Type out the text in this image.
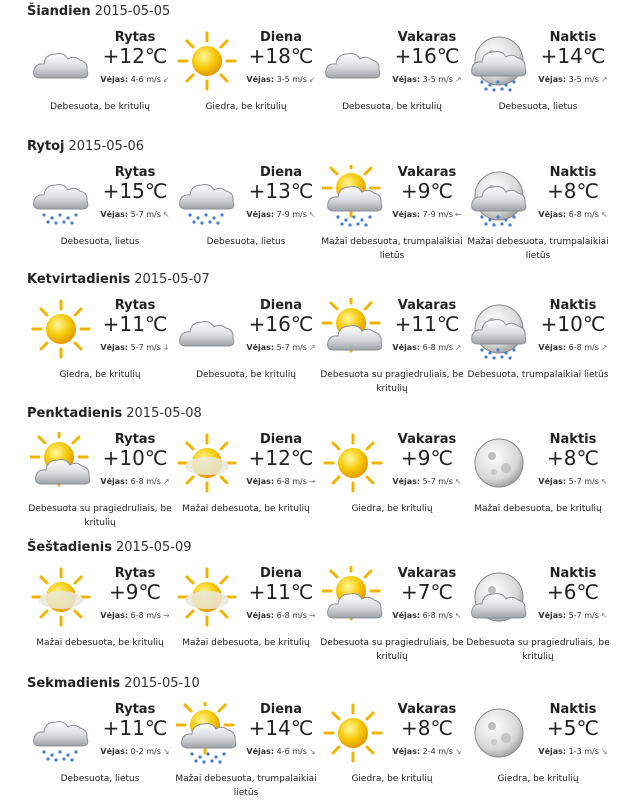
Šiandien 2015-05-05
Rytas
+12℃
Vėjas: 4-6 m/s ↙
Debesuota, be kritulių
Diena
+18℃
Vėjas: 3-5 m/s ↙
Giedra, be kritulių
Vakaras
+16℃
Vėjas: 3-5 m/s ↗
Debesuota, be kritulių
Naktis
+14℃
Vėjas: 3-5 m/s ↗
Debesuota, lietus
Rytoj 2015-05-06
Rytas
+15℃
Vėjas: 5-7 m/s ↖
Debesuota, lietus
Diena
+13℃
Vėjas: 7-9 m/s ↖
Debesuota, lietus
Vakaras
+9℃
Vėjas: 7-9 m/s ←
Mažai debesuota, trumpalaikiai lietūs
Naktis
+8℃
Vėjas: 6-8 m/s ↖
Mažai debesuota, trumpalaikiai lietūs
Ketvirtadienis 2015-05-07
Rytas
+11℃
Vėjas: 5-7 m/s ↓
Giedra, be kritulių
Diena
+16℃
Vėjas: 5-7 m/s ↗
Debesuota, be kritulių
Vakaras
+11℃
Vėjas: 6-8 m/s ↗
Debesuota su pragiedruliais, be kritulių
Naktis
+10℃
Vėjas: 6-8 m/s ↗
Debesuota, trumpalaikiai lietūs
Penktadienis 2015-05-08
Rytas
+10℃
Vėjas: 6-8 m/s ↗
Debesuota su pragiedruliais, be kritulių
Diena
+12℃
Vėjas: 6-8 m/s →
Mažai debesuota, be kritulių
Vakaras
+9℃
Vėjas: 5-7 m/s ↖
Giedra, be kritulių
Naktis
+8℃
Vėjas: 5-7 m/s ↖
Mažai debesuota, be kritulių
Šeštadienis 2015-05-09
Rytas
+9℃
Vėjas: 6-8 m/s →
Mažai debesuota, be kritulių
Diena
+11℃
Vėjas: 6-8 m/s →
Mažai debesuota, be kritulių
Vakaras
+7℃
Vėjas: 6-8 m/s ↖
Debesuota su pragiedruliais, be kritulių
Naktis
+6℃
Vėjas: 5-7 m/s ↖
Debesuota su pragiedruliais, be kritulių
Sekmadienis 2015-05-10
Rytas
+11℃
Vėjas: 0-2 m/s ↘
Debesuota, lietus
Diena
+14℃
Vėjas: 4-6 m/s ↘
Mažai debesuota, trumpalaikiai lietūs
Vakaras
+8℃
Vėjas: 2-4 m/s ↘
Giedra, be kritulių
Naktis
+5℃
Vėjas: 1-3 m/s ↘
Giedra, be kritulių
